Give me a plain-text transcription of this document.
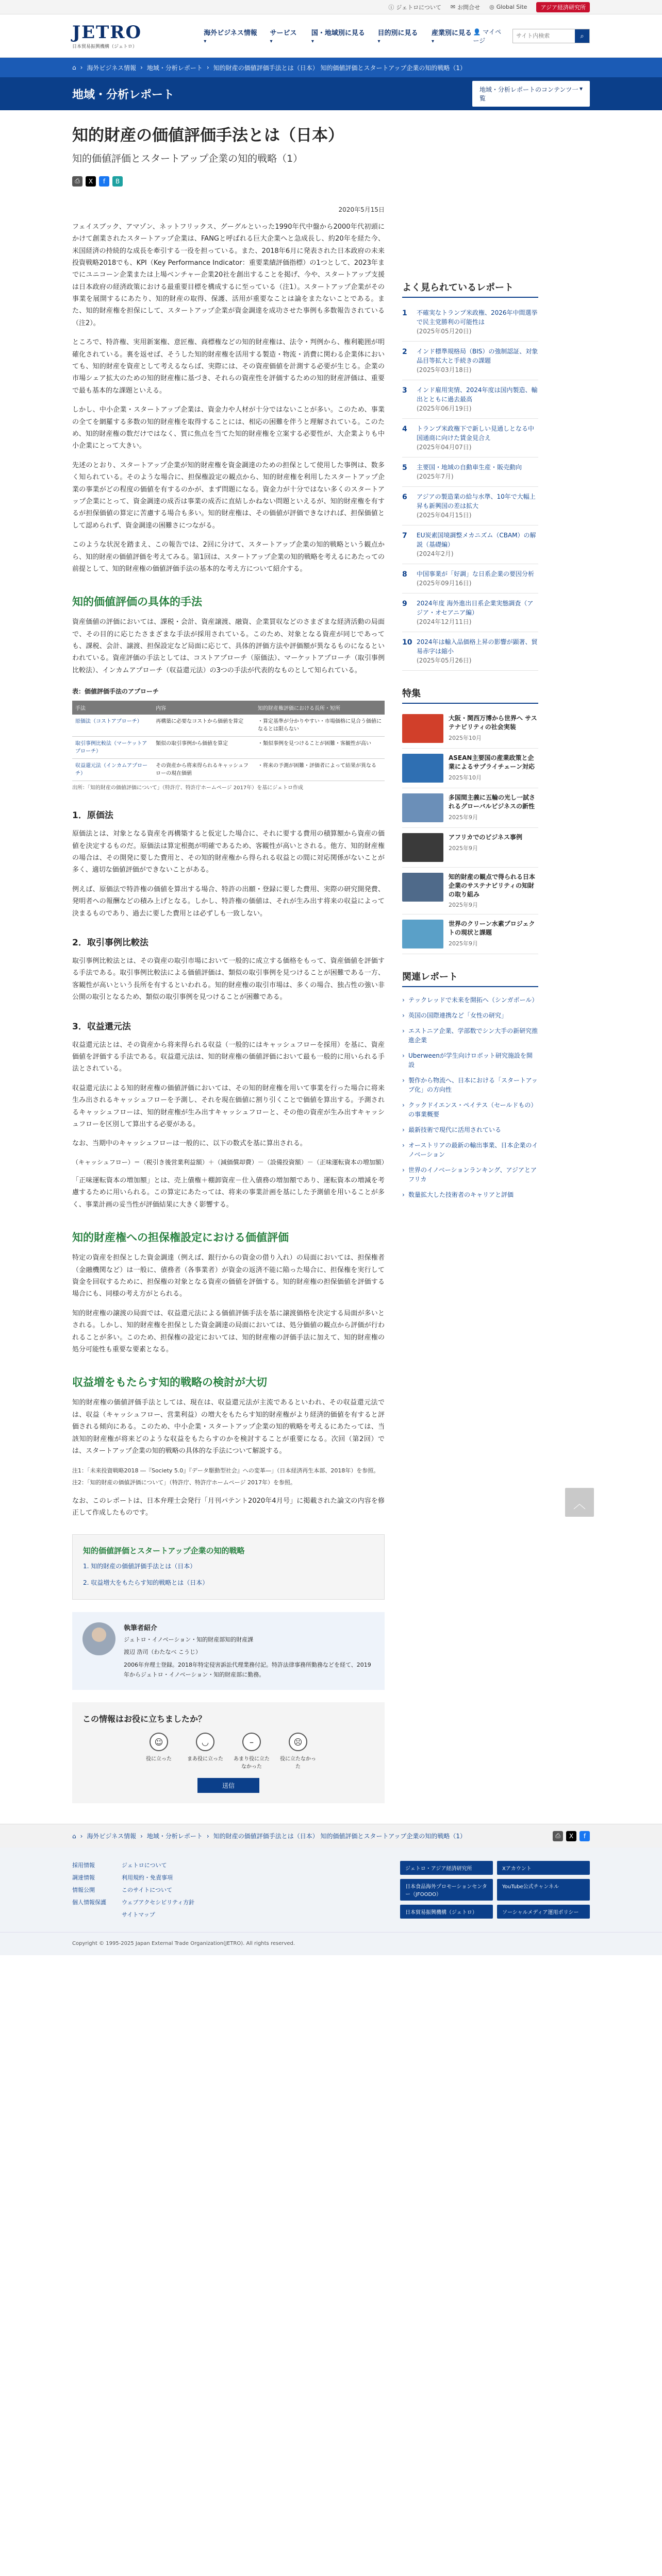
ⓘ ジェトロについて ✉ お問合せ ◎ Global Site	アジア経済研究所
JETRO
日本貿易振興機構（ジェトロ）
海外ビジネス情報 ▾ サービス ▾	国・地域別に見る ▾ 目的別に見る ▾ 産業別に見る ▾ 👤 マイページ
サイト内検索
⌕
⌂ › 海外ビジネス情報 › 地域・分析レポート › 知的財産の価値評価手法とは（日本） 知的価値評価とスタートアップ企業の知的戦略（1）
地域・分析レポート	地域・分析レポートのコンテンツ一覧
▾
知的財産の価値評価手法とは（日本）
知的価値評価とスタートアップ企業の知的戦略（1）
⎙	X	f	B
2020年5月15日

フェイスブック、アマゾン、ネットフリックス、グーグルといった1990年代中盤から2000年代初頭にかけて創業されたスタートアップ企業は、FANGと呼ばれる巨大企業へと急成長し、約20年を経た今、米国経済の持続的な成長を牽引する一役を担っている。また、2018年6月に発表された日本政府の未来投資戦略2018でも、KPI（Key Performance Indicator：重要業績評価指標）の1つとして、2023年までにユニコーン企業または上場ベンチャー企業20社を創出することを掲げ、今や、スタートアップ支援は日本政府の経済政策における最重要目標を構成するに至っている（注1）。スタートアップ企業がその事業を展開するにあたり、知的財産の取得、保護、活用が重要なことは論をまたないことである。また、知的財産権を担保にして、スタートアップ企業が資金調達を成功させた事例も多数報告されている（注2）。

ところで、特許権、実用新案権、意匠権、商標権などの知的財産権は、法令・判例から、権利範囲が明確化されている。裏を返せば、そうした知的財産権を活用する製造・物流・消費に関わる企業体においても、知的財産を資産として考えるならば、実際には、その資産価値を計測する必要が生じる。企業の市場シェア拡大のための知的財産権に基づき、それらの資産性を評価するための知的財産評価は、重要で最も基本的な課題といえる。

しかし、中小企業・スタートアップ企業は、資金力や人材が十分ではないことが多い。このため、事業の全てを網羅する多数の知的財産権を取得することには、相応の困難を伴うと理解されている。このため、知的財産権の数だけではなく、質に焦点を当てた知的財産権を立案する必要性が、大企業よりも中小企業にとって大きい。

先述のとおり、スタートアップ企業が知的財産権を資金調達のための担保として使用した事例は、数多く知られている。そのような場合に、担保権設定の観点から、知的財産権を利用したスタートアップ企業の事業がどの程度の価値を有するのかが、まず問題になる。資金力が十分ではない多くのスタートアップ企業にとって、資金調達の成否は事業の成否に直結しかねない問題といえるが、知的財産権を有するが担保価値の算定に苦慮する場合も多い。知的財産権は、その価値が評価できなければ、担保価値として認められず、資金調達の困難さにつながる。

このような状況を踏まえ、この報告では、2回に分けて、スタートアップ企業の知的戦略という観点から、知的財産の価値評価を考えてみる。第1回は、スタートアップ企業の知的戦略を考えるにあたっての前提として、知的財産権の価値評価手法の基本的な考え方について紹介する。

知的価値評価の具体的手法

資産価値の評価においては、課税・会計、資産譲渡、融資、企業買収などのさまざまな経済活動の局面で、その目的に応じたさまざまな手法が採用されている。このため、対象となる資産が同じであっても、課税、会計、譲渡、担保設定など局面に応じて、具体的評価方法や評価額が異なるものになるといわれている。資産評価の手法としては、コストアプローチ（原価法）、マーケットアプローチ（取引事例比較法）、インカムアプローチ（収益還元法）の3つの手法が代表的なものとして知られている。

表：価値評価手法のアプローチ
手法	内容	知的財産権評価における長所・短所
原価法（コストアプローチ）	再構築に必要なコストから価値を算定	・算定基準が分かりやすい・市場価格に見合う価値になるとは限らない
取引事例比較法（マーケットアプローチ）	類似の取引事例から価値を算定	・類似事例を見つけることが困難・客観性が高い
収益還元法（インカムアプローチ）	その資産から将来得られるキャッシュフローの現在価値	・将来の予測が困難・評価者によって結果が異なる
出所：「知的財産の価値評価について」（特許庁、特許庁ホームページ 2017年）を基にジェトロ作成
1．原価法

原価法とは、対象となる資産を再構築すると仮定した場合に、それに要する費用の積算額から資産の価値を決定するものだ。原価法は算定根拠が明確であるため、客観性が高いとされる。他方、知的財産権の場合は、その開発に要した費用と、その知的財産権から得られる収益との間に対応関係がないことが多く、適切な価値評価ができないことがある。

例えば、原価法で特許権の価値を算出する場合、特許の出願・登録に要した費用、実際の研究開発費、発明者への報酬などの積み上げとなる。しかし、特許権の価値は、それが生み出す将来の収益によって決まるものであり、過去に要した費用とは必ずしも一致しない。

2．取引事例比較法

取引事例比較法とは、その資産の取引市場において一般的に成立する価格をもって、資産価値を評価する手法である。取引事例比較法による価値評価は、類似の取引事例を見つけることが困難である一方、客観性が高いという長所を有するといわれる。知的財産権の取引市場は、多くの場合、独占性の強い非公開の取引となるため、類似の取引事例を見つけることが困難である。

3．収益還元法

収益還元法とは、その資産から将来得られる収益（一般的にはキャッシュフローを採用）を基に、資産価値を評価する手法である。収益還元法は、知的財産権の価値評価において最も一般的に用いられる手法とされている。

収益還元法による知的財産権の価値評価においては、その知的財産権を用いて事業を行った場合に将来生み出されるキャッシュフローを予測し、それを現在価値に割り引くことで価値を算出する。予測されるキャッシュフローは、知的財産権が生み出すキャッシュフローと、その他の資産が生み出すキャッシュフローを区別して算出する必要がある。

なお、当期中のキャッシュフローは一般的に、以下の数式を基に算出される。

（キャッシュフロー）＝（税引き後営業利益額）＋（減価償却費）－（設備投資額）－（正味運転資本の増加額）

「正味運転資本の増加額」とは、売上債権＋棚卸資産－仕入債務の増加額であり、運転資本の増減を考慮するために用いられる。この算定にあたっては、将来の事業計画を基にした予測値を用いることが多く、事業計画の妥当性が評価結果に大きく影響する。

知的財産権への担保権設定における価値評価

特定の資産を担保とした資金調達（例えば、銀行からの資金の借り入れ）の局面においては、担保権者（金融機関など）は一般に、債務者（各事業者）が資金の返済不能に陥った場合に、担保権を実行して資金を回収するために、担保権の対象となる資産の価値を評価する。知的財産権の担保価値を評価する場合にも、同様の考え方がとられる。

知的財産権の譲渡の局面では、収益還元法による価値評価手法を基に譲渡価格を決定する局面が多いとされる。しかし、知的財産権を担保とした資金調達の局面においては、処分価値の観点から評価が行われることが多い。このため、担保権の設定においては、知的財産権の評価手法に加えて、知的財産権の処分可能性も重要な要素となる。

収益増をもたらす知的戦略の検討が大切

知的財産権の価値評価手法としては、現在は、収益還元法が主流であるといわれ、その収益還元法では、収益（キャッシュフロー、営業利益）の増大をもたらす知的財産権がより経済的価値を有すると評価される傾向にある。このため、中小企業・スタートアップ企業の知的戦略を考えるにあたっては、当該知的財産権が将来どのような収益をもたらすのかを検討することが重要になる。次回（第2回）では、スタートアップ企業の知的戦略の具体的な手法について解説する。

注1：「未来投資戦略2018 ―『Society 5.0』『データ駆動型社会』への変革―」（日本経済再生本部、2018年）を参照。
注2：「知的財産の価値評価について」（特許庁、特許庁ホームページ 2017年）を参照。

なお、このレポートは、日本弁理士会発行「月刊パテント2020年4月号」に掲載された論文の内容を修正して作成したものです。

知的価値評価とスタートアップ企業の知的戦略
1. 知的財産の価値評価手法とは（日本）
2. 収益増大をもたらす知的戦略とは（日本）
執筆者紹介
ジェトロ・イノベーション・知的財産部知的財産課
渡辺 浩司（わたなべ こうじ）
2006年弁理士登録。2018年特定侵害訴訟代理業務付記。特許法律事務所勤務などを経て、2019年からジェトロ・イノベーション・知的財産部に勤務。
この情報はお役に立ちましたか？
☺
役に立った
◡
まあ役に立った
–
あまり役に立たなかった
☹
役に立たなかった
送信
よく見られているレポート
1	不確実なトランプ米政権、2026年中間選挙で民主党勝利の可能性は
(2025年05月20日)
2	インド標準規格局（BIS）の強制認証、対象品目等拡大と手続きの課題
(2025年03月18日)
3	インド雇用実情、2024年度は国内製造、輸出とともに過去最高
(2025年06月19日)
4	トランプ米政権下で新しい見通しとなる中国通商に向けた賃金見合え
(2025年04月07日)
5	主要国・地域の自動車生産・販売動向
(2025年7月)
6	アジアの製造業の給与水準、10年で大幅上昇も新興国の差は拡大
(2025年04月15日)
7	EU炭素国境調整メカニズム（CBAM）の解説（基礎編）
(2024年2月)
8	中国事業が「好調」な日系企業の要因分析
(2025年09月16日)
9	2024年度 海外進出日系企業実態調査（アジア・オセアニア編）
(2024年12月11日)
10 2024年は輸入品価格上昇の影響が顕著、貿易赤字は縮小
(2025年05月26日)
特集
大阪・関西万博から世界へ サステナビリティの社会実装
2025年10月
ASEAN主要国の産業政策と企業によるサプライチェーン対応
2025年10月
多国間主義に五輪の光し一試されるグローバルビジネスの新性
2025年9月
アフリカでのビジネス事例
2025年9月
知的財産の観点で得られる日本企業のサステナビリティの知財の取り組み
2025年9月
世界のクリーン水素プロジェクトの現状と課題
2025年9月
関連レポート
› テックレッドで未来を開拓へ（シンガポール）
› 英国の国際連携など「女性の研究」
› エストニア企業、学部数でシン大手の新研究推進企業
› Uberweenが学生向けロボット研究施設を開設
› 製作から物流へ、日本における「スタートアップ化」の方向性
› クックドイエンス・ペイテス（セールドもの）の事業概要
› 最新技術で現代に活用されている
› オーストリアの最新の輸出事業、日本企業のイノベーション
› 世界のイノベーションランキング、アジアとアフリカ
› 数量拡大した技術者のキャリアと評価
︿
⌂ › 海外ビジネス情報 › 地域・分析レポート › 知的財産の価値評価手法とは（日本） 知的価値評価とスタートアップ企業の知的戦略（1）	⎙	X	f
採用情報
調達情報
情報公開
個人情報保護
ジェトロについて
利用規約・免責事項
このサイトについて
ウェブアクセシビリティ方針
サイトマップ
ジェトロ・アジア経済研究所	Xアカウント
日本食品海外プロモーションセンター（JFOODO）
YouTube公式チャンネル
日本貿易振興機構（ジェトロ）	ソーシャルメディア運用ポリシー
Copyright © 1995-2025 Japan External Trade Organization(JETRO). All rights reserved.
